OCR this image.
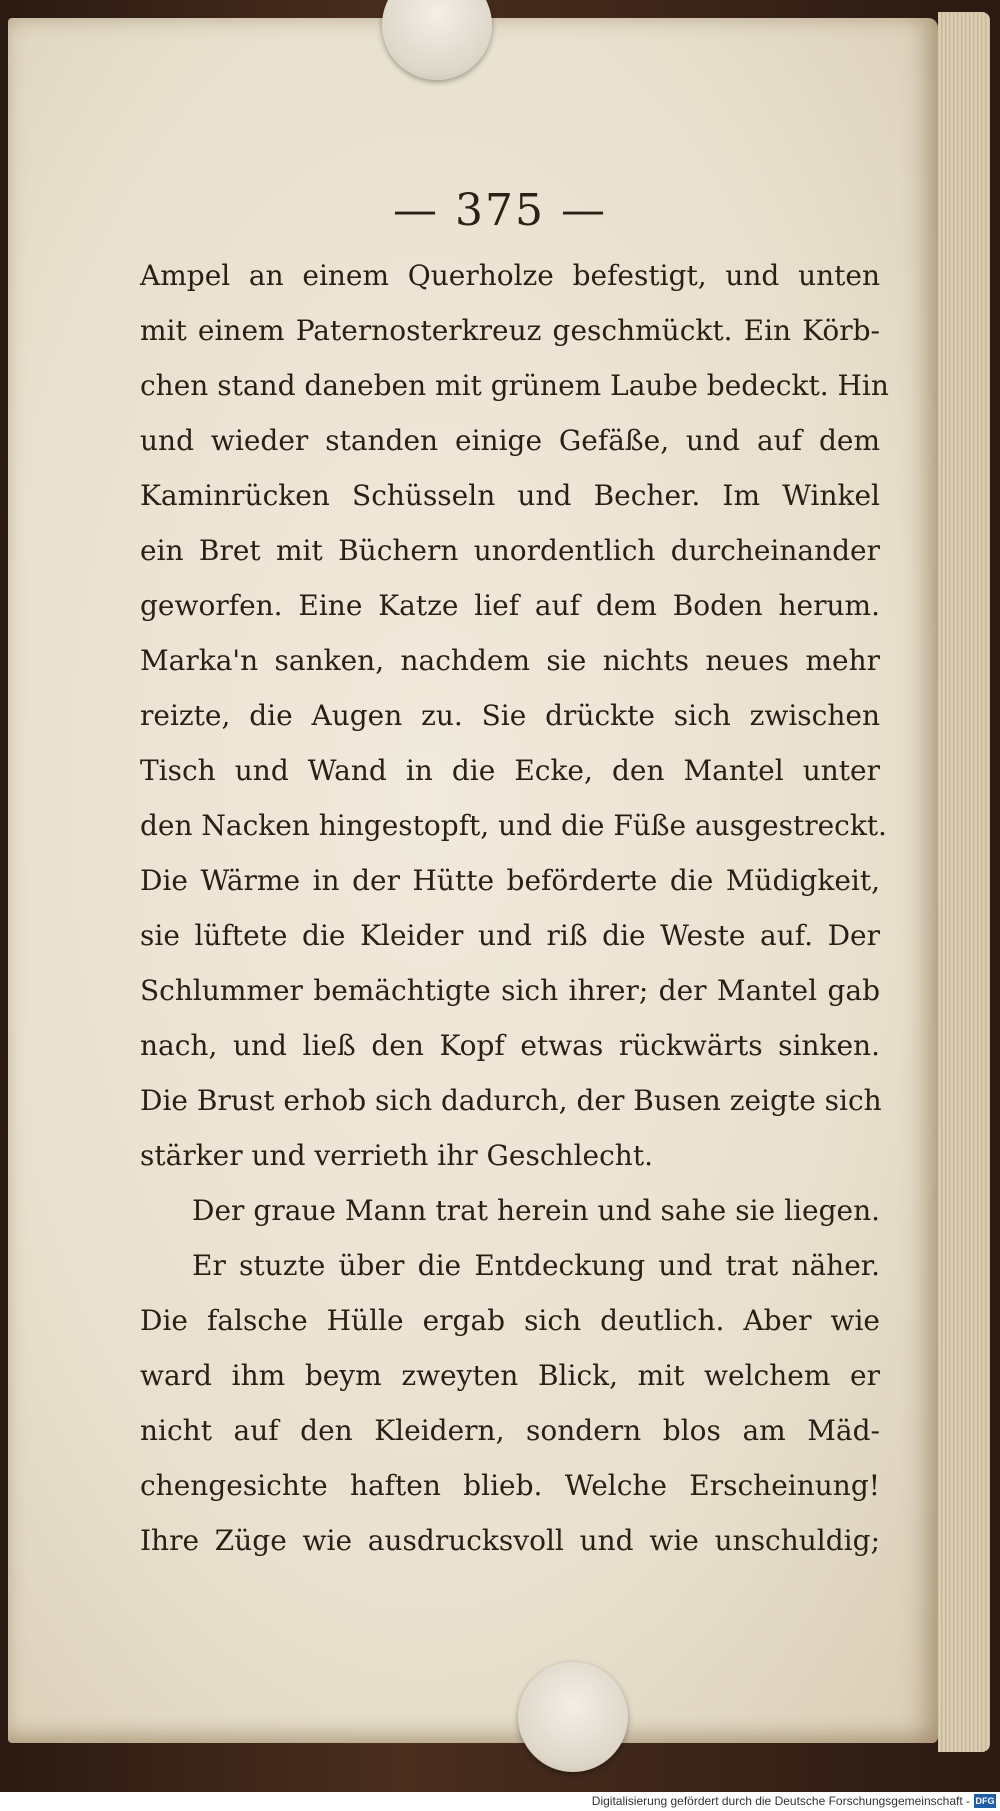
— 375 —
Ampel an einem Querholze befestigt, und unten
mit einem Paternosterkreuz geschmückt. Ein Körb-
chen stand daneben mit grünem Laube bedeckt. Hin
und wieder standen einige Gefäße, und auf dem
Kaminrücken Schüsseln und Becher. Im Winkel
ein Bret mit Büchern unordentlich durcheinander
geworfen. Eine Katze lief auf dem Boden herum.
Marka'n sanken, nachdem sie nichts neues mehr
reizte, die Augen zu. Sie drückte sich zwischen
Tisch und Wand in die Ecke, den Mantel unter
den Nacken hingestopft, und die Füße ausgestreckt.
Die Wärme in der Hütte beförderte die Müdigkeit,
sie lüftete die Kleider und riß die Weste auf. Der
Schlummer bemächtigte sich ihrer; der Mantel gab
nach, und ließ den Kopf etwas rückwärts sinken.
Die Brust erhob sich dadurch, der Busen zeigte sich
stärker und verrieth ihr Geschlecht.
Der graue Mann trat herein und sahe sie liegen.
Er stuzte über die Entdeckung und trat näher.
Die falsche Hülle ergab sich deutlich. Aber wie
ward ihm beym zweyten Blick, mit welchem er
nicht auf den Kleidern, sondern blos am Mäd-
chengesichte haften blieb. Welche Erscheinung!
Ihre Züge wie ausdrucksvoll und wie unschuldig;
Digitalisierung gefördert durch die Deutsche Forschungsgemeinschaft - DFG
